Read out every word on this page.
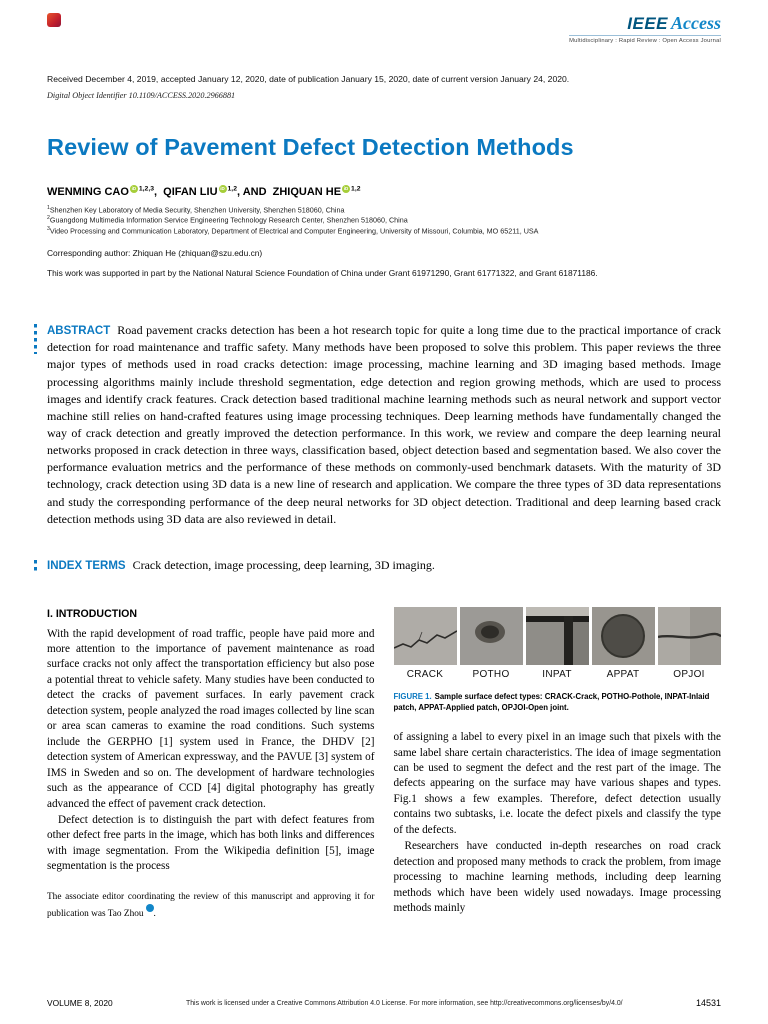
IEEE Access
Multidisciplinary : Rapid Review : Open Access Journal
Received December 4, 2019, accepted January 12, 2020, date of publication January 15, 2020, date of current version January 24, 2020.
Digital Object Identifier 10.1109/ACCESS.2020.2966881
Review of Pavement Defect Detection Methods
WENMING CAO iD $^{1,2,3}$, QIFAN LIU iD $^{1,2}$, AND ZHIQUAN HE iD $^{1,2}$
$^1$Shenzhen Key Laboratory of Media Security, Shenzhen University, Shenzhen 518060, China
$^2$Guangdong Multimedia Information Service Engineering Technology Research Center, Shenzhen 518060, China
$^3$Video Processing and Communication Laboratory, Department of Electrical and Computer Engineering, University of Missouri, Columbia, MO 65211, USA
Corresponding author: Zhiquan He (zhiquan@szu.edu.cn)
This work was supported in part by the National Natural Science Foundation of China under Grant 61971290, Grant 61771322, and Grant 61871186.

ABSTRACT Road pavement cracks detection has been a hot research topic for quite a long time due to the practical importance of crack detection for road maintenance and traffic safety. Many methods have been proposed to solve this problem. This paper reviews the three major types of methods used in road cracks detection: image processing, machine learning and 3D imaging based methods. Image processing algorithms mainly include threshold segmentation, edge detection and region growing methods, which are used to process images and identify crack features. Crack detection based traditional machine learning methods such as neural network and support vector machine still relies on hand-crafted features using image processing techniques. Deep learning methods have fundamentally changed the way of crack detection and greatly improved the detection performance. In this work, we review and compare the deep learning neural networks proposed in crack detection in three ways, classification based, object detection based and segmentation based. We also cover the performance evaluation metrics and the performance of these methods on commonly-used benchmark datasets. With the maturity of 3D technology, crack detection using 3D data is a new line of research and application. We compare the three types of 3D data representations and study the corresponding performance of the deep neural networks for 3D object detection. Traditional and deep learning based crack detection methods using 3D data are also reviewed in detail.

INDEX TERMS Crack detection, image processing, deep learning, 3D imaging.

I. INTRODUCTION

With the rapid development of road traffic, people have paid more and more attention to the importance of pavement maintenance as road surface cracks not only affect the transportation efficiency but also pose a potential threat to vehicle safety. Many studies have been conducted to detect the cracks of pavement surfaces. In early pavement crack detection system, people analyzed the road images collected by line scan or area scan cameras to examine the road conditions. Such systems include the GERPHO [1] system used in France, the DHDV [2] detection system of American expressway, and the PAVUE [3] system of IMS in Sweden and so on. The development of hardware technologies such as the appearance of CCD [4] digital photography has greatly advanced the effect of pavement crack detection.

Defect detection is to distinguish the part with defect features from other defect free parts in the image, which has both links and differences with image segmentation. From the Wikipedia definition [5], image segmentation is the process

The associate editor coordinating the review of this manuscript and approving it for publication was Tao Zhou .
CRACK	POTHO	INPAT	APPAT	OPJOI
FIGURE 1. Sample surface defect types: CRACK-Crack, POTHO-Pothole, INPAT-Inlaid patch, APPAT-Applied patch, OPJOI-Open joint.

of assigning a label to every pixel in an image such that pixels with the same label share certain characteristics. The idea of image segmentation can be used to segment the defect and the rest part of the image. The defects appearing on the surface may have various shapes and types. Fig.1 shows a few examples. Therefore, defect detection usually contains two subtasks, i.e. locate the defect pixels and classify the type of the defects.

Researchers have conducted in-depth researches on road crack detection and proposed many methods to crack the problem, from image processing to machine learning methods, including deep learning methods which have been widely used nowadays. Image processing methods mainly

VOLUME 8, 2020	This work is licensed under a Creative Commons Attribution 4.0 License. For more information, see http://creativecommons.org/licenses/by/4.0/	14531
